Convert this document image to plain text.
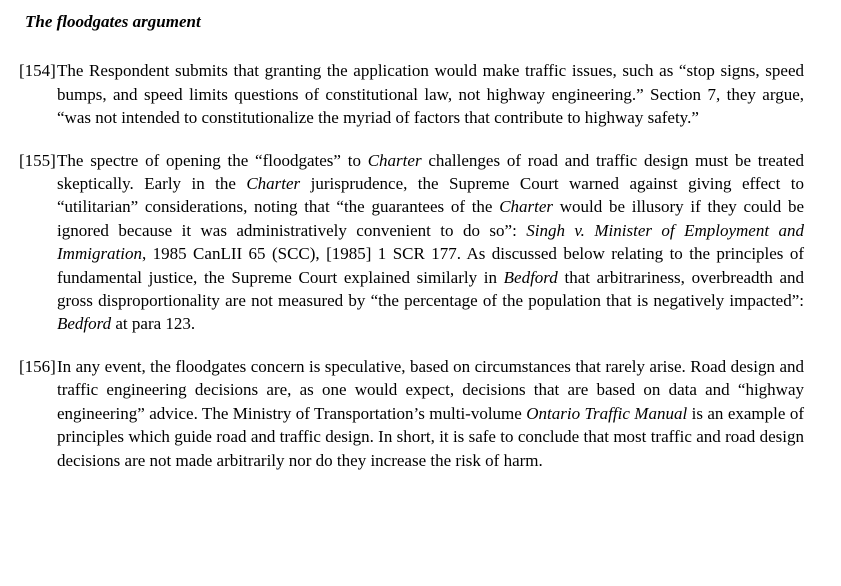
The floodgates argument
[154] The Respondent submits that granting the application would make traffic issues, such as “stop signs, speed bumps, and speed limits questions of constitutional law, not highway engineering.” Section 7, they argue, “was not intended to constitutionalize the myriad of factors that contribute to highway safety.”
[155] The spectre of opening the “floodgates” to Charter challenges of road and traffic design must be treated skeptically. Early in the Charter jurisprudence, the Supreme Court warned against giving effect to “utilitarian” considerations, noting that “the guarantees of the Charter would be illusory if they could be ignored because it was administratively convenient to do so”: Singh v. Minister of Employment and Immigration, 1985 CanLII 65 (SCC), [1985] 1 SCR 177. As discussed below relating to the principles of fundamental justice, the Supreme Court explained similarly in Bedford that arbitrariness, overbreadth and gross disproportionality are not measured by “the percentage of the population that is negatively impacted”: Bedford at para 123.
[156] In any event, the floodgates concern is speculative, based on circumstances that rarely arise. Road design and traffic engineering decisions are, as one would expect, decisions that are based on data and “highway engineering” advice. The Ministry of Transportation’s multi-volume Ontario Traffic Manual is an example of principles which guide road and traffic design. In short, it is safe to conclude that most traffic and road design decisions are not made arbitrarily nor do they increase the risk of harm.
